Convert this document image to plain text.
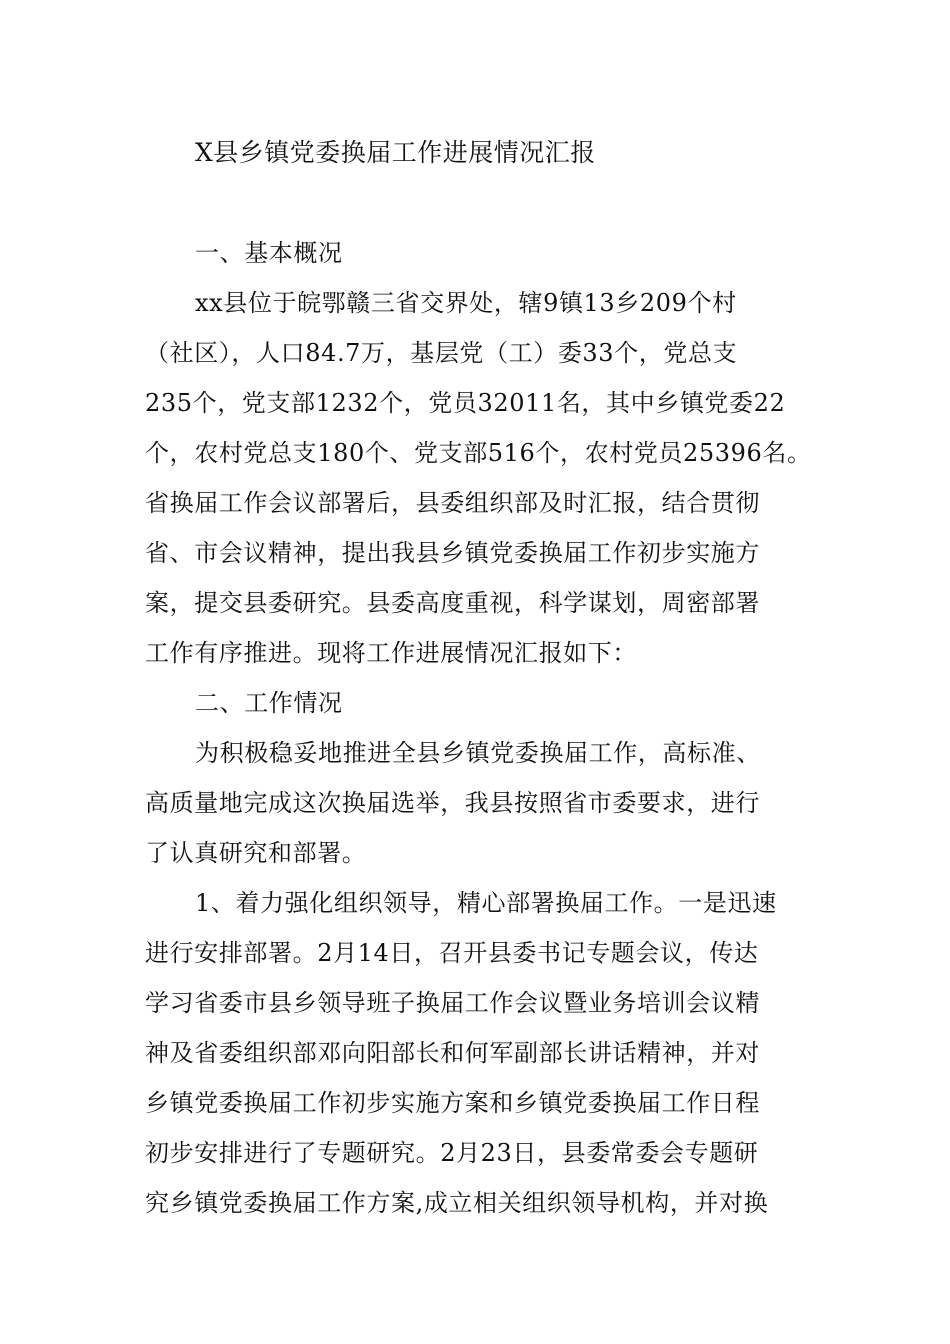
X县乡镇党委换届工作进展情况汇报
一、基本概况
xx县位于皖鄂赣三省交界处，辖9镇13乡209个村
（社区），人口84.7万，基层党（工）委33个，党总支
235个，党支部1232个，党员32011名，其中乡镇党委22
个，农村党总支180个、党支部516个，农村党员25396名。
省换届工作会议部署后，县委组织部及时汇报，结合贯彻
省、市会议精神，提出我县乡镇党委换届工作初步实施方
案，提交县委研究。县委高度重视，科学谋划，周密部署
工作有序推进。现将工作进展情况汇报如下：
二、工作情况
为积极稳妥地推进全县乡镇党委换届工作，高标准、
高质量地完成这次换届选举，我县按照省市委要求，进行
了认真研究和部署。
1、着力强化组织领导，精心部署换届工作。一是迅速
进行安排部署。2月14日，召开县委书记专题会议，传达
学习省委市县乡领导班子换届工作会议暨业务培训会议精
神及省委组织部邓向阳部长和何军副部长讲话精神，并对
乡镇党委换届工作初步实施方案和乡镇党委换届工作日程
初步安排进行了专题研究。2月23日，县委常委会专题研
究乡镇党委换届工作方案,成立相关组织领导机构，并对换
